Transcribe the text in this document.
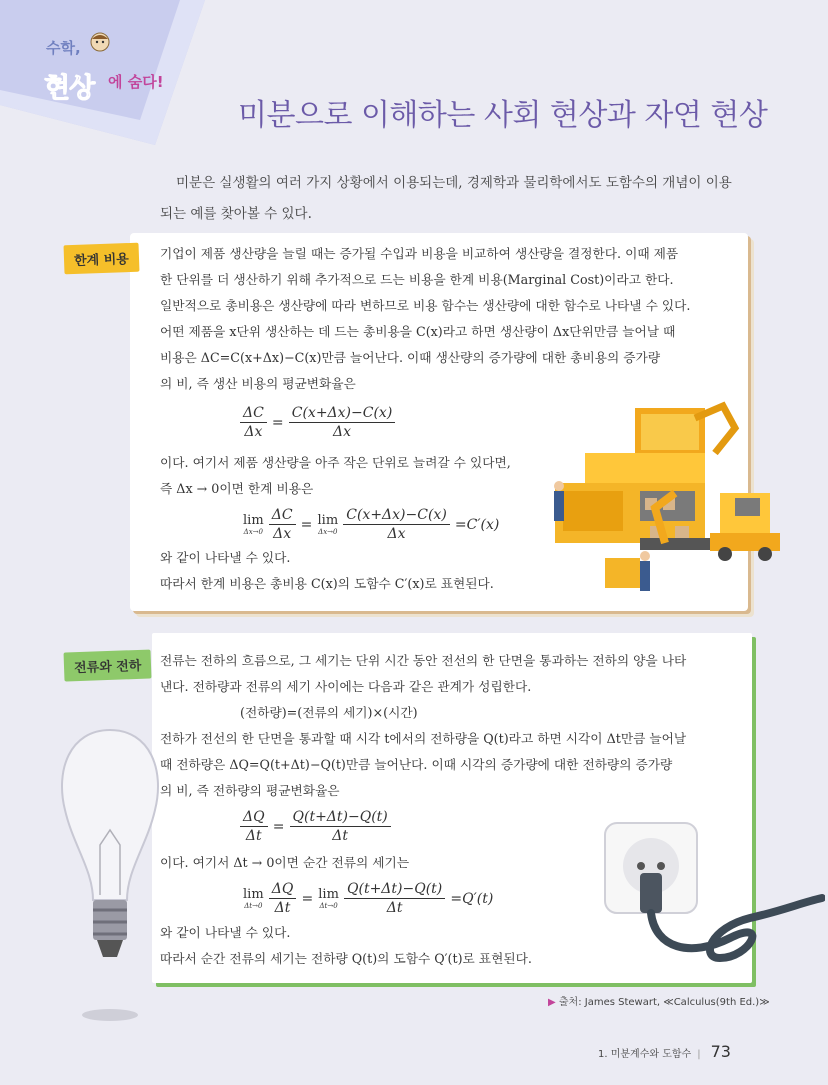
수학,
현상 에 숨다!
미분으로 이해하는 사회 현상과 자연 현상
미분은 실생활의 여러 가지 상황에서 이용되는데, 경제학과 물리학에서도 도함수의 개념이 이용
되는 예를 찾아볼 수 있다.
한계 비용	기업이 제품 생산량을 늘릴 때는 증가될 수입과 비용을 비교하여 생산량을 결정한다. 이때 제품
한 단위를 더 생산하기 위해 추가적으로 드는 비용을 한계 비용(Marginal Cost)이라고 한다.
일반적으로 총비용은 생산량에 따라 변하므로 비용 함수는 생산량에 대한 함수로 나타낼 수 있다.
어떤 제품을 x단위 생산하는 데 드는 총비용을 C(x)라고 하면 생산량이 Δx단위만큼 늘어날 때
비용은 ΔC=C(x+Δx)−C(x)만큼 늘어난다. 이때 생산량의 증가량에 대한 총비용의 증가량
의 비, 즉 생산 비용의 평균변화율은
$\frac{\Delta C}{\Delta x} = \frac{C(x+\Delta x)-C(x)}{\Delta x}$
이다. 여기서 제품 생산량을 아주 작은 단위로 늘려갈 수 있다면,
즉 Δx → 0이면 한계 비용은
lim
Δx→0
$\frac{\Delta C}{\Delta x} = \lim$
Δx→0
$\frac{C(x+\Delta x)-C(x)}{\Delta x} =C'(x)$
와 같이 나타낼 수 있다.
따라서 한계 비용은 총비용 C(x)의 도함수 C′(x)로 표현된다.
전류와 전하	전류는 전하의 흐름으로, 그 세기는 단위 시간 동안 전선의 한 단면을 통과하는 전하의 양을 나타
낸다. 전하량과 전류의 세기 사이에는 다음과 같은 관계가 성립한다.
(전하량)=(전류의 세기)×(시간)
전하가 전선의 한 단면을 통과할 때 시각 t에서의 전하량을 Q(t)라고 하면 시각이 Δt만큼 늘어날
때 전하량은 ΔQ=Q(t+Δt)−Q(t)만큼 늘어난다. 이때 시각의 증가량에 대한 전하량의 증가량
의 비, 즉 전하량의 평균변화율은
$\frac{\Delta Q}{\Delta t} = \frac{Q(t+\Delta t)-Q(t)}{\Delta t}$
이다. 여기서 Δt → 0이면 순간 전류의 세기는
lim
Δt→0
$\frac{\Delta Q}{\Delta t} = \lim$
Δt→0
$\frac{Q(t+\Delta t)-Q(t)}{\Delta t} =Q'(t)$
와 같이 나타낼 수 있다.
따라서 순간 전류의 세기는 전하량 Q(t)의 도함수 Q′(t)로 표현된다.
▶ 출처: James Stewart, ≪Calculus(9th Ed.)≫
1. 미분계수와 도함수 | 73
